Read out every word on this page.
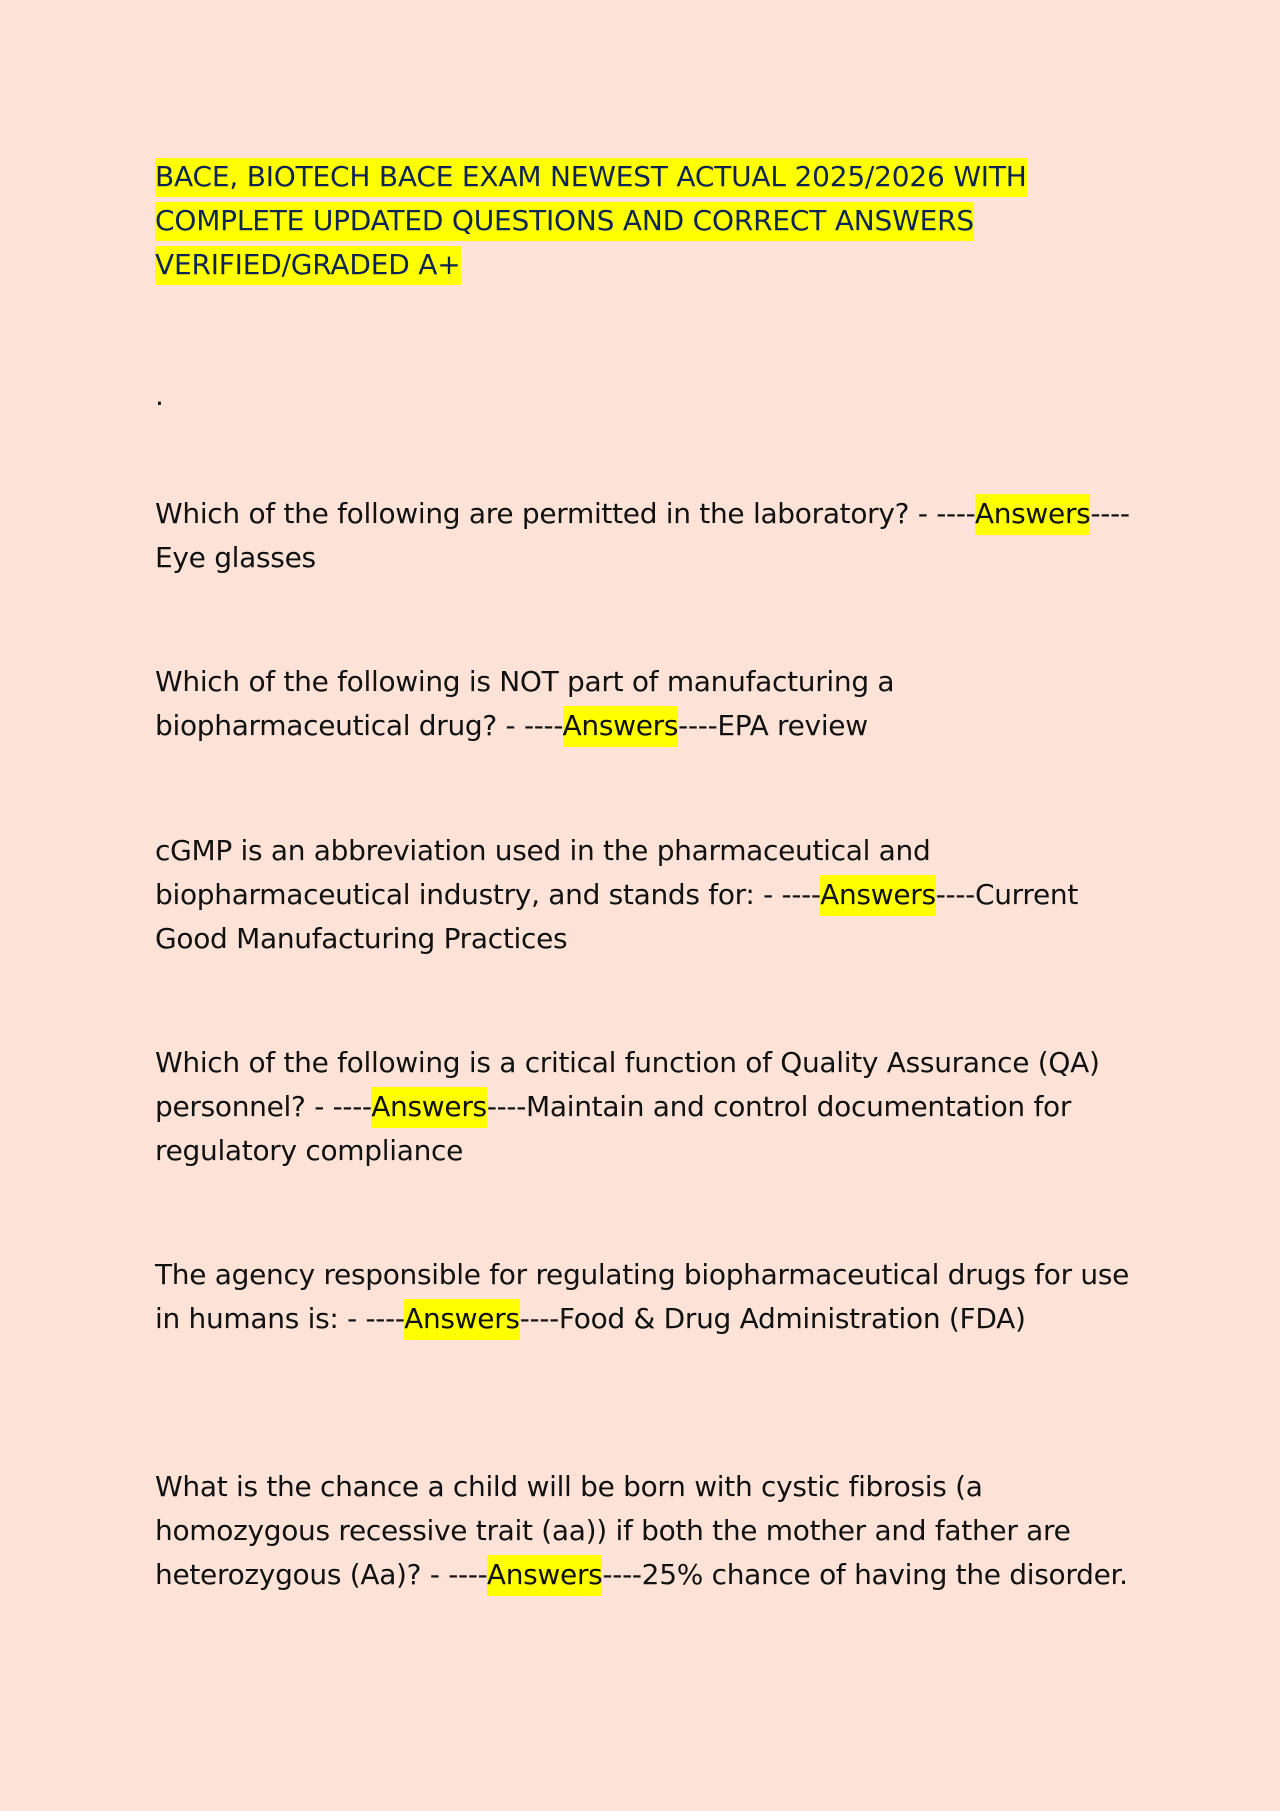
BACE, BIOTECH BACE EXAM NEWEST ACTUAL 2025/2026 WITH COMPLETE UPDATED QUESTIONS AND CORRECT ANSWERS VERIFIED/GRADED A+
.

Which of the following are permitted in the laboratory? - ----Answers----Eye glasses

Which of the following is NOT part of manufacturing a biopharmaceutical drug? - ----Answers----EPA review

cGMP is an abbreviation used in the pharmaceutical and biopharmaceutical industry, and stands for: - ----Answers----Current Good Manufacturing Practices

Which of the following is a critical function of Quality Assurance (QA) personnel? - ----Answers----Maintain and control documentation for regulatory compliance

The agency responsible for regulating biopharmaceutical drugs for use in humans is: - ----Answers----Food & Drug Administration (FDA)

What is the chance a child will be born with cystic fibrosis (a homozygous recessive trait (aa)) if both the mother and father are heterozygous (Aa)? - ----Answers----25% chance of having the disorder.
